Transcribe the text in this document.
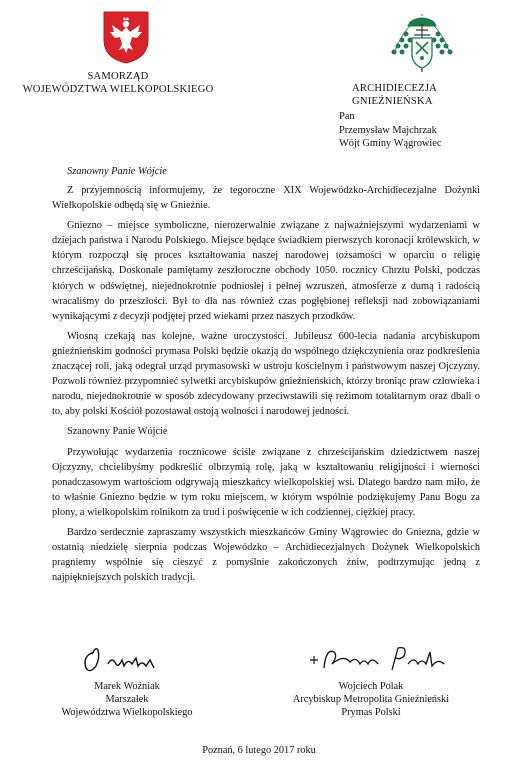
SAMORZĄD
WOJEWÓDZTWA WIELKOPOLSKIEGO	ARCHIDIECEZJA GNIEŹNIEŃSKA
Pan
Przemysław Majchrzak
Wójt Gminy Wągrowiec
Szanowny Panie Wójcie

Z przyjemnością informujemy, że tegoroczne XIX Wojewódzko-Archidiecezjalne Dożynki Wielkopolskie odbędą się w Gnieźnie.

Gniezno – miejsce symboliczne, nierozerwalnie związane z najważniejszymi wydarzeniami w dziejach państwa i Narodu Polskiego. Miejsce będące świadkiem pierwszych koronacji królewskich, w którym rozpoczął się proces kształtowania naszej narodowej tożsamości w oparciu o religię chrześcijańską. Doskonale pamiętamy zeszłoroczne obchody 1050. rocznicy Chrztu Polski, podczas których w odświętnej, niejednokrotnie podniosłej i pełnej wzruszeń, atmosferze z dumą i radością wracaliśmy do przeszłości. Był to dla nas również czas pogłębionej refleksji nad zobowiązaniami wynikającymi z decyzji podjętej przed wiekami przez naszych przodków.

Wiosną czekają nas kolejne, ważne uroczystości. Jubileusz 600-lecia nadania arcybiskupom gnieźnieńskim godności prymasa Polski będzie okazją do wspólnego dziękczynienia oraz podkreślenia znaczącej roli, jaką odegrał urząd prymasowski w ustroju kościelnym i państwowym naszej Ojczyzny. Pozwoli również przypomnieć sylwetki arcybiskupów gnieźnieńskich, którzy broniąc praw człowieka i narodu, niejednokrotnie w sposób zdecydowany przeciwstawili się reżimom totalitarnym oraz dbali o to, aby polski Kościół pozostawał ostoją wolności i narodowej jedności.

Szanowny Panie Wójcie

Przywołując wydarzenia rocznicowe ściśle związane z chrześcijańskim dziedzictwem naszej Ojczyzny, chcielibyśmy podkreślić olbrzymią rolę, jaką w kształtowaniu religijności i wierności ponadczasowym wartościom odgrywają mieszkańcy wielkopolskiej wsi. Dlatego bardzo nam miło, że to właśnie Gniezno będzie w tym roku miejscem, w którym wspólnie podziękujemy Panu Bogu za plony, a wielkopolskim rolnikom za trud i poświęcenie w ich codziennej, ciężkiej pracy.

Bardzo serdecznie zapraszamy wszystkich mieszkańców Gminy Wągrowiec do Gniezna, gdzie w ostatnią niedzielę sierpnia podczas Wojewódzko – Archidiecezjalnych Dożynek Wielkopolskich pragniemy wspólnie się cieszyć z pomyślnie zakończonych żniw, podtrzymując jedną z najpiękniejszych polskich tradycji.

Marek Woźniak
Marszałek
Województwa Wielkopolskiego
Wojciech Polak
Arcybiskup Metropolita Gnieźnieński
Prymas Polski
Poznań, 6 lutego 2017 roku
